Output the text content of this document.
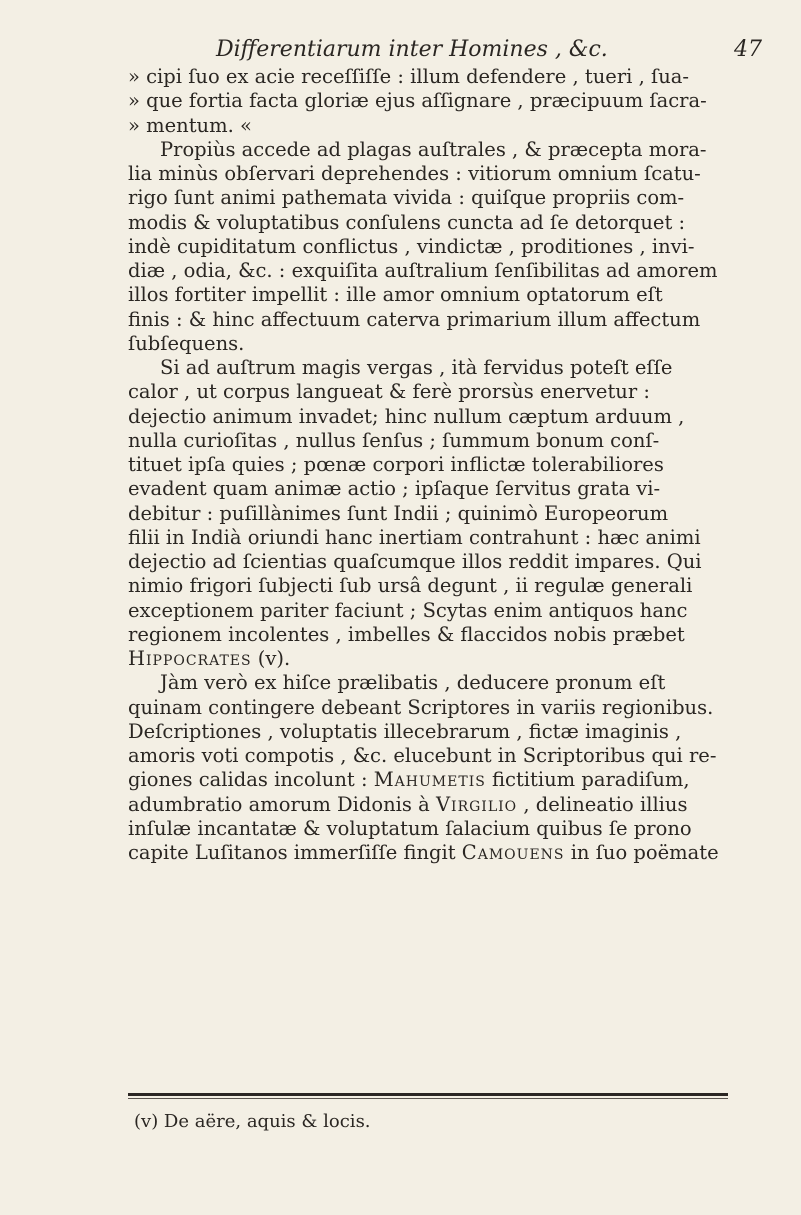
Differentiarum inter Homines , &c.	47
» cipi ſuo ex acie receſſiſſe : illum defendere , tueri , ſua-
» que fortia facta gloriæ ejus aſſignare , præcipuum ſacra-
» mentum. «
Propiùs accede ad plagas auſtrales , & præcepta mora-
lia minùs obſervari deprehendes : vitiorum omnium ſcatu-
rigo ſunt animi pathemata vivida : quiſque propriis com-
modis & voluptatibus conſulens cuncta ad ſe detorquet :
indè cupiditatum conflictus , vindictæ , proditiones , invi-
diæ , odia, &c. : exquiſita auſtralium ſenſibilitas ad amorem
illos fortiter impellit : ille amor omnium optatorum eſt
finis : & hinc affectuum caterva primarium illum affectum
ſubſequens.
Si ad auſtrum magis vergas , ità fervidus poteſt eſſe
calor , ut corpus langueat & ferè prorsùs enervetur :
dejectio animum invadet; hinc nullum cæptum arduum ,
nulla curioſitas , nullus ſenſus ; ſummum bonum conſ-
tituet ipſa quies ; pœnæ corpori inflictæ tolerabiliores
evadent quam animæ actio ; ipſaque ſervitus grata vi-
debitur : puſillànimes ſunt Indii ; quinimò Europeorum
filii in Indià oriundi hanc inertiam contrahunt : hæc animi
dejectio ad ſcientias quaſcumque illos reddit impares. Qui
nimio frigori ſubjecti ſub ursâ degunt , ii regulæ generali
exceptionem pariter faciunt ; Scytas enim antiquos hanc
regionem incolentes , imbelles & flaccidos nobis præbet
Hippocrates (v).
Jàm verò ex hiſce prælibatis , deducere pronum eſt
quinam contingere debeant Scriptores in variis regionibus.
Deſcriptiones , voluptatis illecebrarum , fictæ imaginis ,
amoris voti compotis , &c. elucebunt in Scriptoribus qui re-
giones calidas incolunt : Mahumetis fictitium paradiſum,
adumbratio amorum Didonis à Virgilio , delineatio illius
inſulæ incantatæ & voluptatum ſalacium quibus ſe prono
capite Luſitanos immerſiſſe fingit Camouens in ſuo poëmate
(v) De aëre, aquis & locis.
